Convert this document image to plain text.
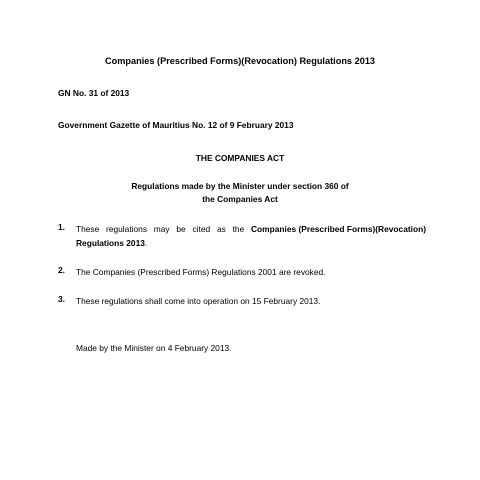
Companies (Prescribed Forms)(Revocation) Regulations 2013
GN No. 31 of 2013
Government Gazette of Mauritius No. 12 of 9 February 2013
THE COMPANIES ACT
Regulations made by the Minister under section 360 of
the Companies Act
1. These regulations may be cited as the Companies (Prescribed Forms)(Revocation)
Regulations 2013.
2. The Companies (Prescribed Forms) Regulations 2001 are revoked.
3. These regulations shall come into operation on 15 February 2013.
Made by the Minister on 4 February 2013.
